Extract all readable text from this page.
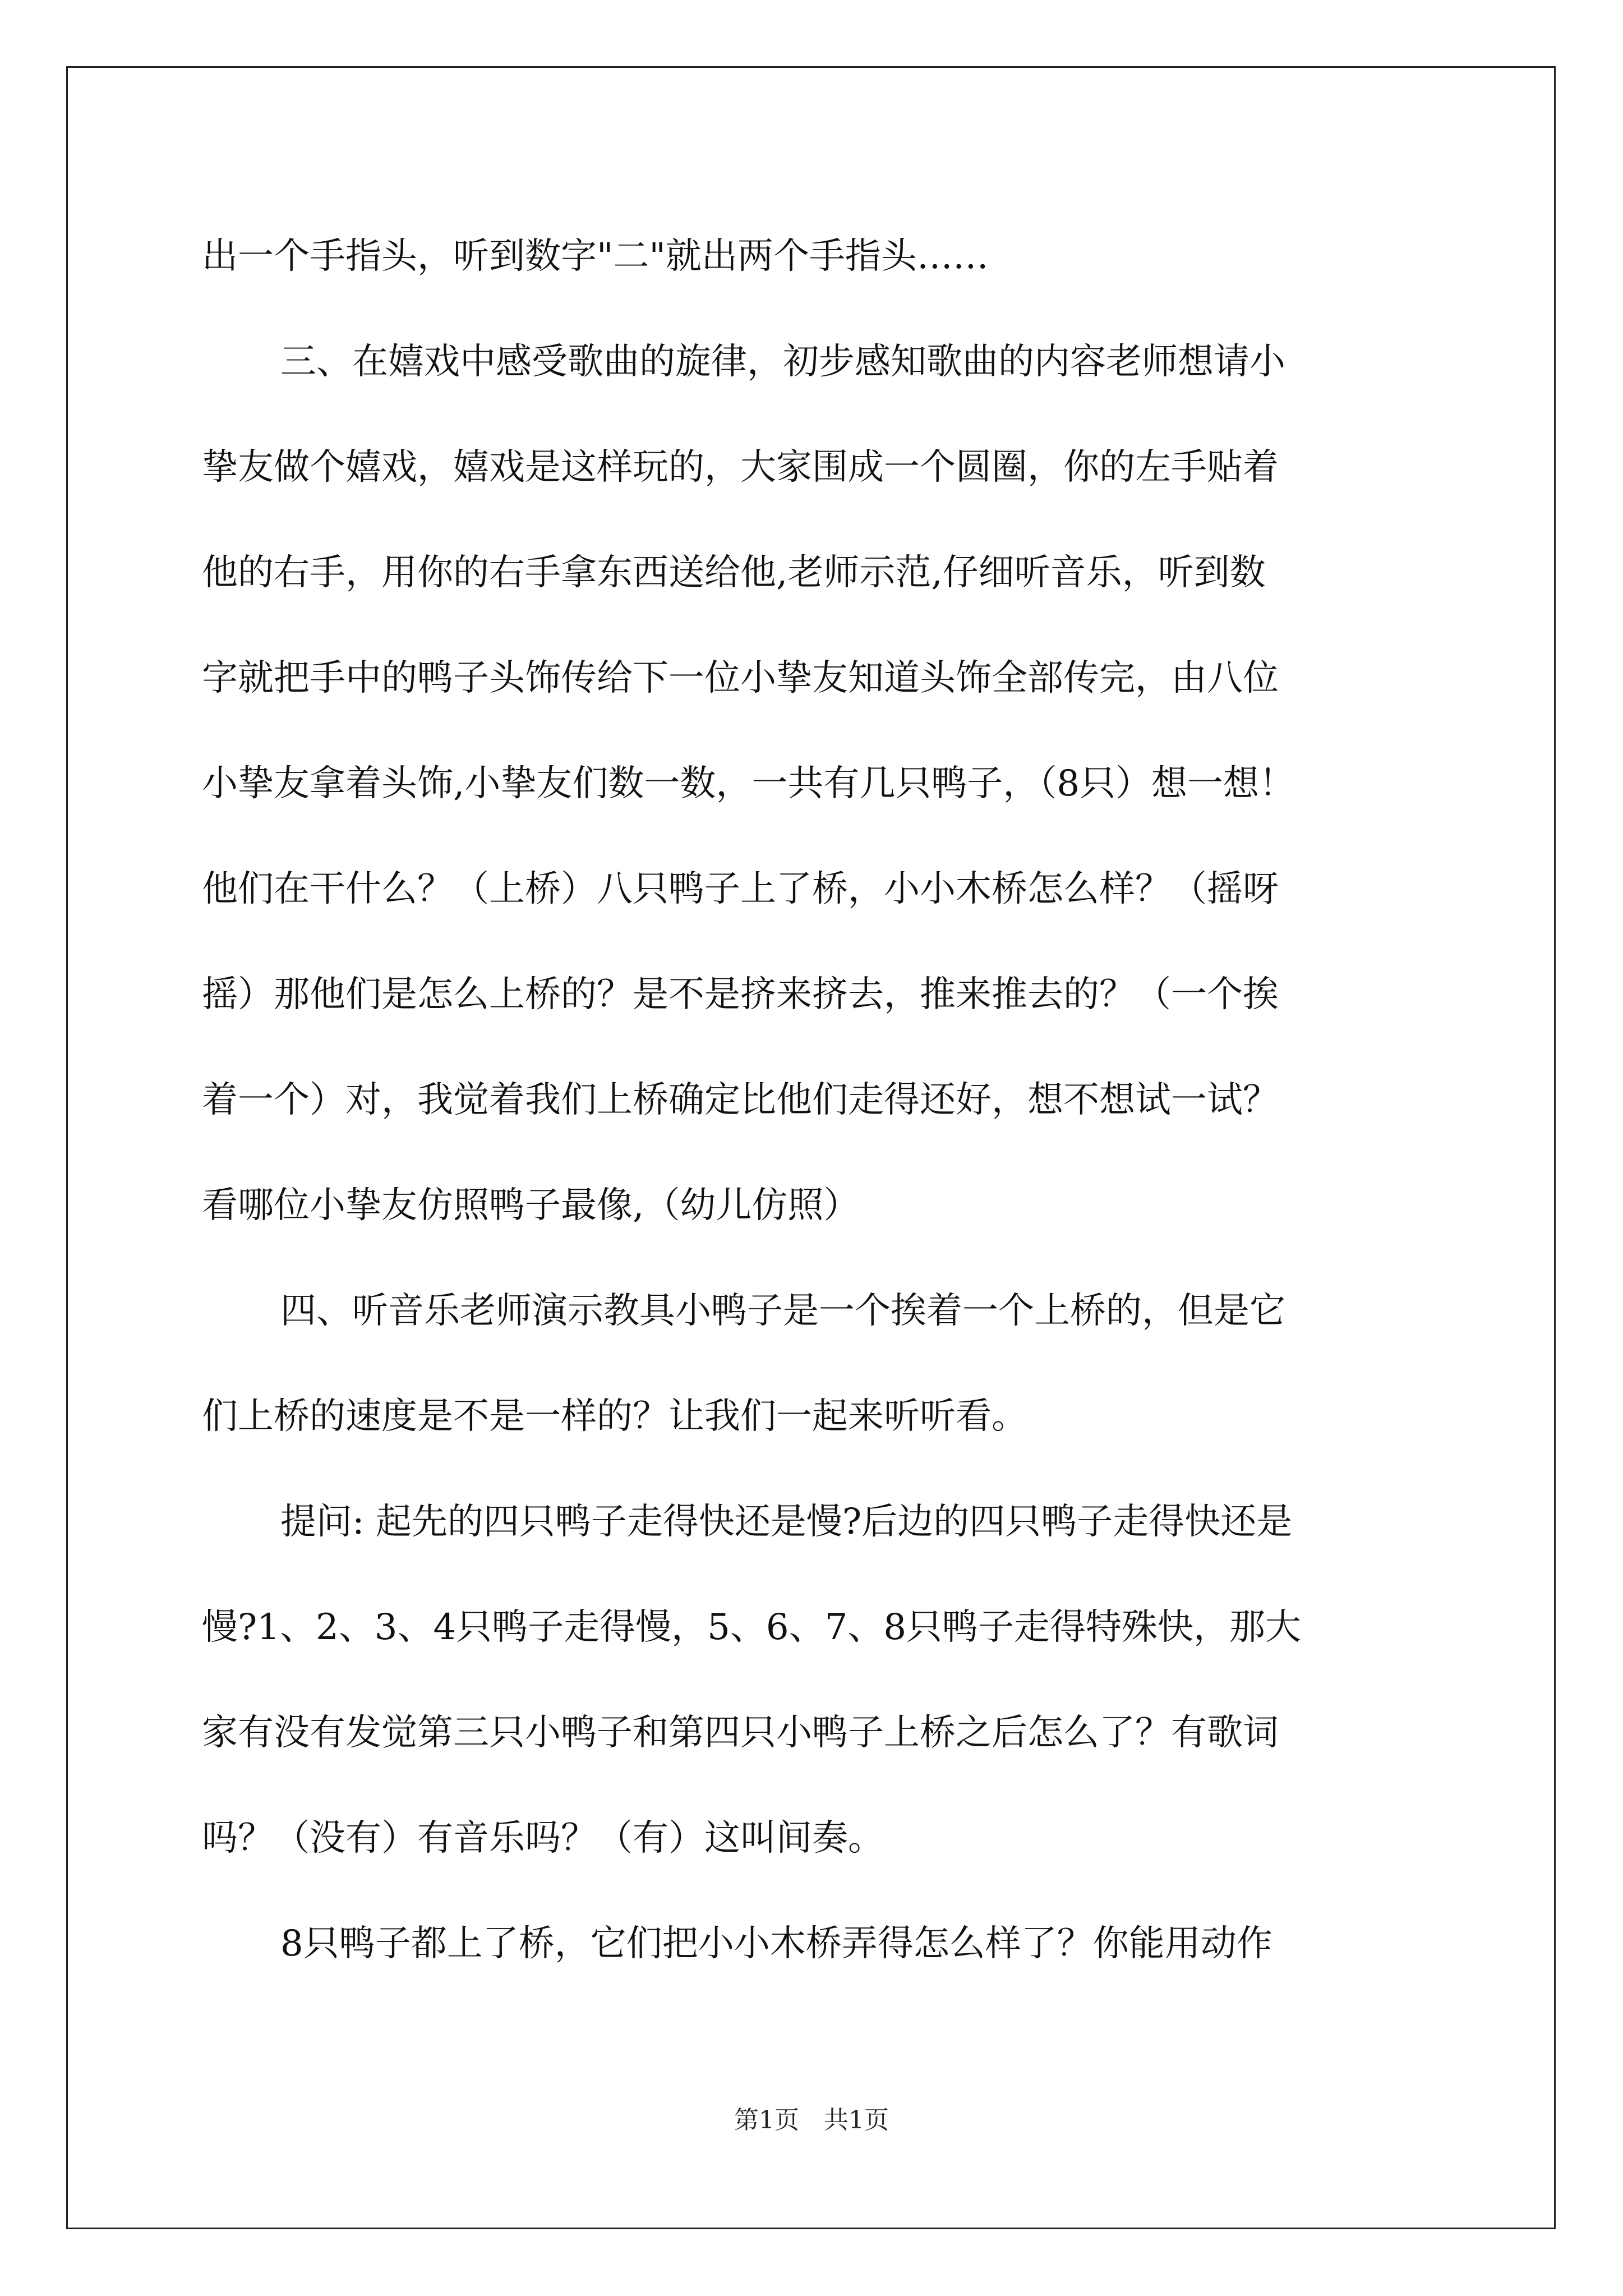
出一个手指头，听到数字"二"就出两个手指头……
三、在嬉戏中感受歌曲的旋律，初步感知歌曲的内容老师想请小
挚友做个嬉戏，嬉戏是这样玩的，大家围成一个圆圈，你的左手贴着
他的右手，用你的右手拿东西送给他,老师示范,仔细听音乐，听到数
字就把手中的鸭子头饰传给下一位小挚友知道头饰全部传完，由八位
小挚友拿着头饰,小挚友们数一数，一共有几只鸭子，（8只）想一想！
他们在干什么？（上桥）八只鸭子上了桥，小小木桥怎么样？（摇呀
摇）那他们是怎么上桥的？是不是挤来挤去，推来推去的？（一个挨
着一个）对，我觉着我们上桥确定比他们走得还好，想不想试一试？
看哪位小挚友仿照鸭子最像,（幼儿仿照）
四、听音乐老师演示教具小鸭子是一个挨着一个上桥的，但是它
们上桥的速度是不是一样的？让我们一起来听听看。
提问: 起先的四只鸭子走得快还是慢?后边的四只鸭子走得快还是
慢?1、2、3、4只鸭子走得慢，5、6、7、8只鸭子走得特殊快，那大
家有没有发觉第三只小鸭子和第四只小鸭子上桥之后怎么了？有歌词
吗？（没有）有音乐吗？（有）这叫间奏。
8只鸭子都上了桥，它们把小小木桥弄得怎么样了？你能用动作
第1页　共1页
